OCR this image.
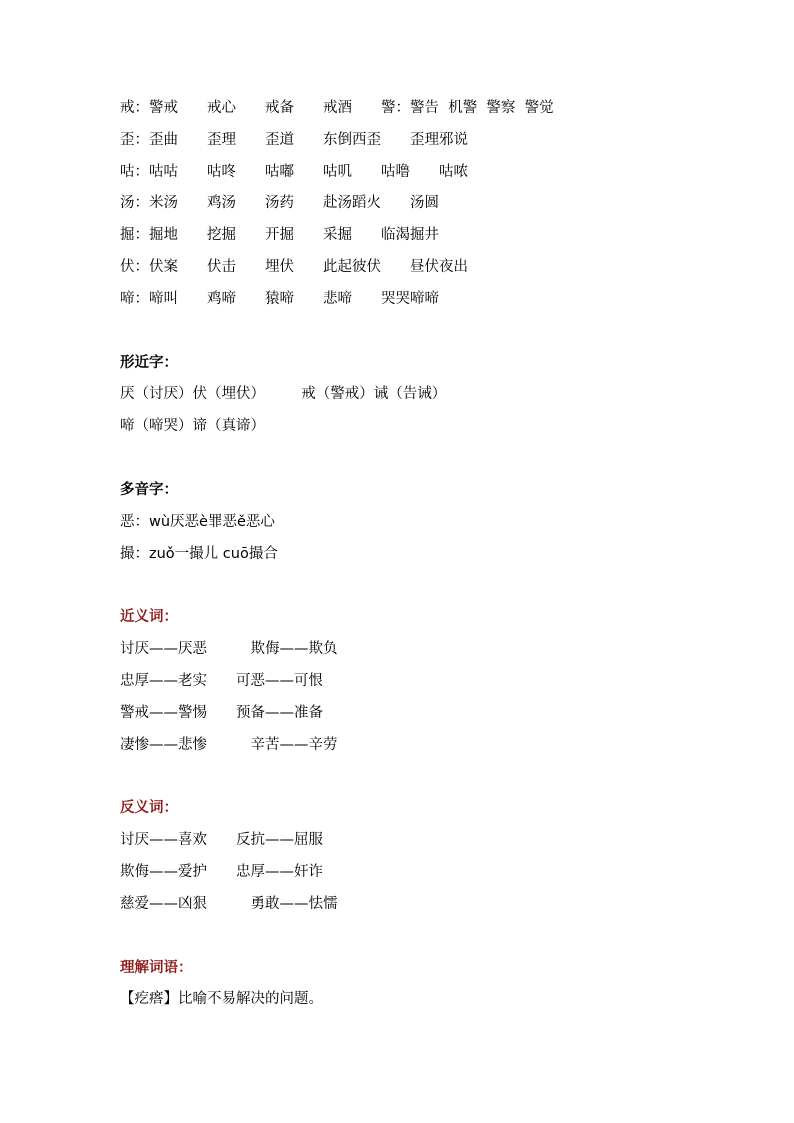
戒：警戒　　戒心　　戒备　　戒酒　　警：警告  机警  警察  警觉
歪：歪曲　　歪理　　歪道　　东倒西歪　　歪理邪说
咕：咕咕　　咕咚　　咕嘟　　咕叽　　咕噜　　咕哝
汤：米汤　　鸡汤　　汤药　　赴汤蹈火　　汤圆
掘：掘地　　挖掘　　开掘　　采掘　　临渴掘井
伏：伏案　　伏击　　埋伏　　此起彼伏　　昼伏夜出
啼：啼叫　　鸡啼　　猿啼　　悲啼　　哭哭啼啼
形近字：
厌（讨厌）伏（埋伏）　　　戒（警戒）诫（告诫）
啼（啼哭）谛（真谛）
多音字：
恶：wù厌恶è罪恶ě恶心
撮：zuǒ一撮儿 cuō撮合
近义词：
讨厌——厌恶　　　欺侮——欺负
忠厚——老实　　可恶——可恨
警戒——警惕　　预备——准备
凄惨——悲惨　　　辛苦——辛劳
反义词：
讨厌——喜欢　　反抗——屈服
欺侮——爱护　　忠厚——奸诈
慈爱——凶狠　　　勇敢——怯懦
理解词语：
【疙瘩】比喻不易解决的问题。
